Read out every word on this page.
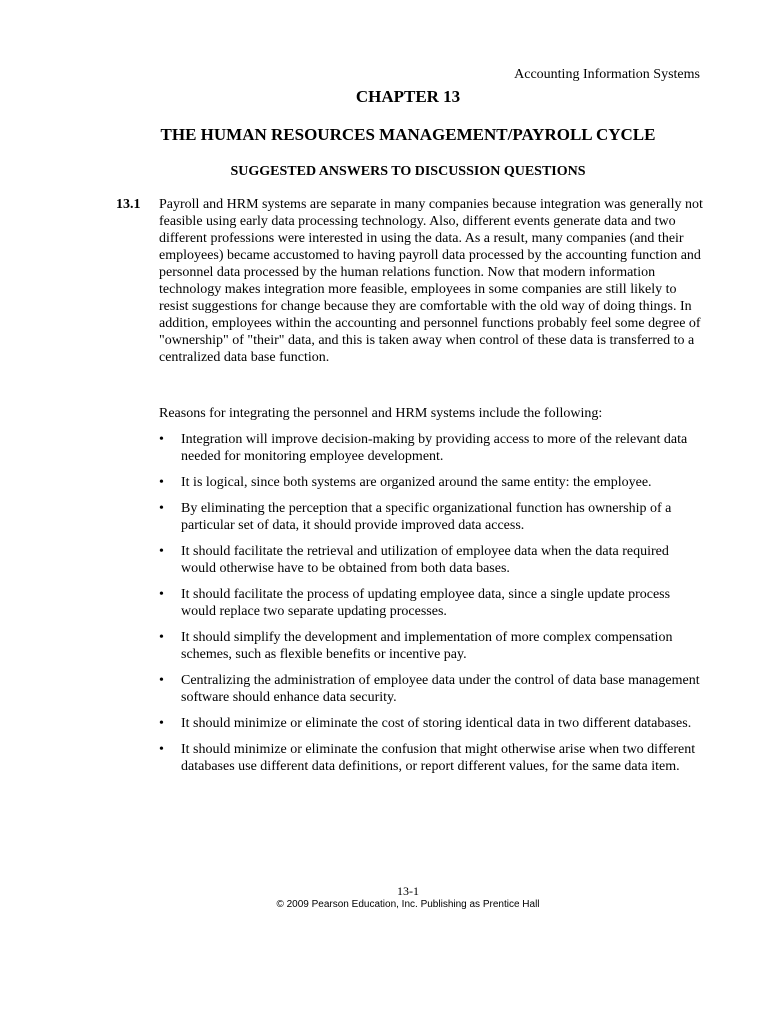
Accounting Information Systems
CHAPTER 13
THE HUMAN RESOURCES MANAGEMENT/PAYROLL CYCLE
SUGGESTED ANSWERS TO DISCUSSION QUESTIONS
13.1 Payroll and HRM systems are separate in many companies because integration was generally not feasible using early data processing technology. Also, different events generate data and two different professions were interested in using the data. As a result, many companies (and their employees) became accustomed to having payroll data processed by the accounting function and personnel data processed by the human relations function. Now that modern information technology makes integration more feasible, employees in some companies are still likely to resist suggestions for change because they are comfortable with the old way of doing things. In addition, employees within the accounting and personnel functions probably feel some degree of "ownership" of "their" data, and this is taken away when control of these data is transferred to a centralized data base function.

Reasons for integrating the personnel and HRM systems include the following:

• Integration will improve decision-making by providing access to more of the relevant data needed for monitoring employee development.
• It is logical, since both systems are organized around the same entity: the employee.
• By eliminating the perception that a specific organizational function has ownership of a particular set of data, it should provide improved data access.
• It should facilitate the retrieval and utilization of employee data when the data required would otherwise have to be obtained from both data bases.
• It should facilitate the process of updating employee data, since a single update process would replace two separate updating processes.
• It should simplify the development and implementation of more complex compensation schemes, such as flexible benefits or incentive pay.
• Centralizing the administration of employee data under the control of data base management software should enhance data security.
• It should minimize or eliminate the cost of storing identical data in two different databases.
• It should minimize or eliminate the confusion that might otherwise arise when two different databases use different data definitions, or report different values, for the same data item.
13-1
© 2009 Pearson Education, Inc. Publishing as Prentice Hall
